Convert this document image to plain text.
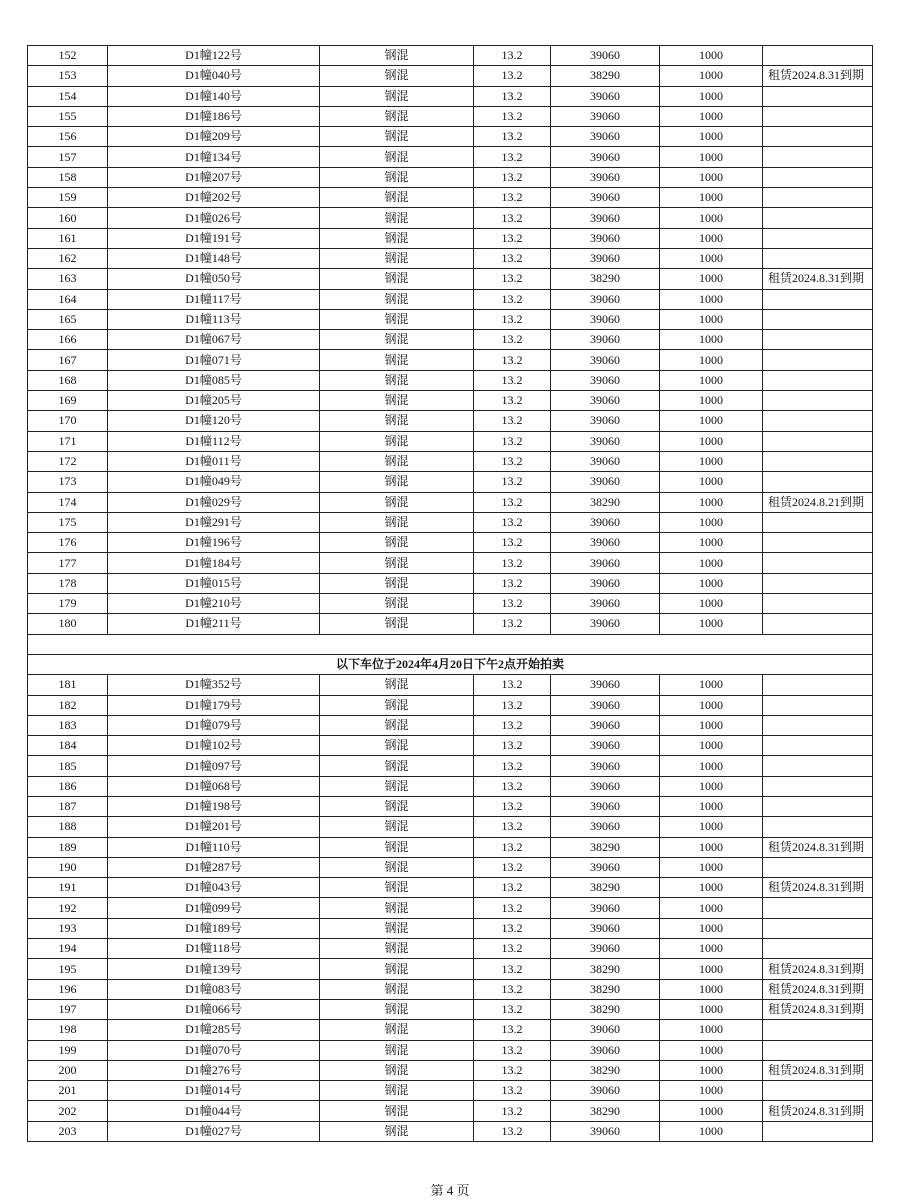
152	D1幢122号	钢混	13.2	39060	1000	
153	D1幢040号	钢混	13.2	38290	1000	租赁2024.8.31到期
154	D1幢140号	钢混	13.2	39060	1000	
155	D1幢186号	钢混	13.2	39060	1000	
156	D1幢209号	钢混	13.2	39060	1000	
157	D1幢134号	钢混	13.2	39060	1000	
158	D1幢207号	钢混	13.2	39060	1000	
159	D1幢202号	钢混	13.2	39060	1000	
160	D1幢026号	钢混	13.2	39060	1000	
161	D1幢191号	钢混	13.2	39060	1000	
162	D1幢148号	钢混	13.2	39060	1000	
163	D1幢050号	钢混	13.2	38290	1000	租赁2024.8.31到期
164	D1幢117号	钢混	13.2	39060	1000	
165	D1幢113号	钢混	13.2	39060	1000	
166	D1幢067号	钢混	13.2	39060	1000	
167	D1幢071号	钢混	13.2	39060	1000	
168	D1幢085号	钢混	13.2	39060	1000	
169	D1幢205号	钢混	13.2	39060	1000	
170	D1幢120号	钢混	13.2	39060	1000	
171	D1幢112号	钢混	13.2	39060	1000	
172	D1幢011号	钢混	13.2	39060	1000	
173	D1幢049号	钢混	13.2	39060	1000	
174	D1幢029号	钢混	13.2	38290	1000	租赁2024.8.21到期
175	D1幢291号	钢混	13.2	39060	1000	
176	D1幢196号	钢混	13.2	39060	1000	
177	D1幢184号	钢混	13.2	39060	1000	
178	D1幢015号	钢混	13.2	39060	1000	
179	D1幢210号	钢混	13.2	39060	1000	
180	D1幢211号	钢混	13.2	39060	1000	

以下车位于2024年4月20日下午2点开始拍卖						
181	D1幢352号	钢混	13.2	39060	1000	
182	D1幢179号	钢混	13.2	39060	1000	
183	D1幢079号	钢混	13.2	39060	1000	
184	D1幢102号	钢混	13.2	39060	1000	
185	D1幢097号	钢混	13.2	39060	1000	
186	D1幢068号	钢混	13.2	39060	1000	
187	D1幢198号	钢混	13.2	39060	1000	
188	D1幢201号	钢混	13.2	39060	1000	
189	D1幢110号	钢混	13.2	38290	1000	租赁2024.8.31到期
190	D1幢287号	钢混	13.2	39060	1000	
191	D1幢043号	钢混	13.2	38290	1000	租赁2024.8.31到期
192	D1幢099号	钢混	13.2	39060	1000	
193	D1幢189号	钢混	13.2	39060	1000	
194	D1幢118号	钢混	13.2	39060	1000	
195	D1幢139号	钢混	13.2	38290	1000	租赁2024.8.31到期
196	D1幢083号	钢混	13.2	38290	1000	租赁2024.8.31到期
197	D1幢066号	钢混	13.2	38290	1000	租赁2024.8.31到期
198	D1幢285号	钢混	13.2	39060	1000	
199	D1幢070号	钢混	13.2	39060	1000	
200	D1幢276号	钢混	13.2	38290	1000	租赁2024.8.31到期
201	D1幢014号	钢混	13.2	39060	1000	
202	D1幢044号	钢混	13.2	38290	1000	租赁2024.8.31到期
203	D1幢027号	钢混	13.2	39060	1000	
第 4 页
